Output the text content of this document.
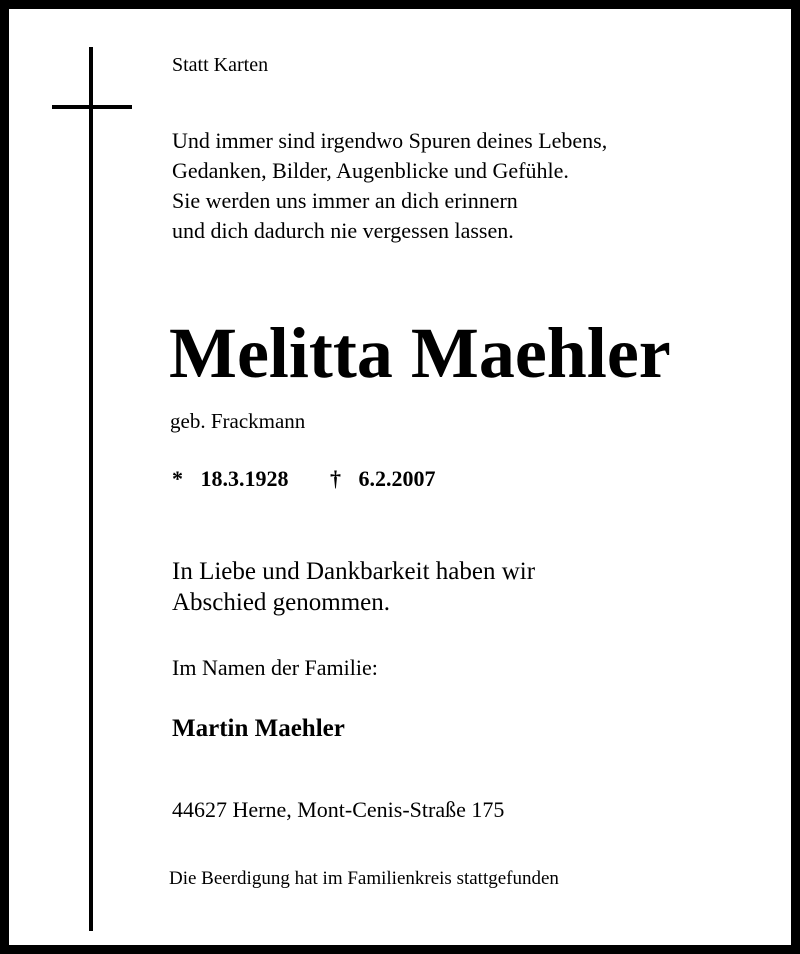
Statt Karten

Und immer sind irgendwo Spuren deines Lebens,
Gedanken, Bilder, Augenblicke und Gefühle.
Sie werden uns immer an dich erinnern
und dich dadurch nie vergessen lassen.
Melitta Maehler

geb. Frackmann

* 18.3.1928 † 6.2.2007

In Liebe und Dankbarkeit haben wir
Abschied genommen.

Im Namen der Familie:

Martin Maehler

44627 Herne, Mont-Cenis-Straße 175

Die Beerdigung hat im Familienkreis stattgefunden
